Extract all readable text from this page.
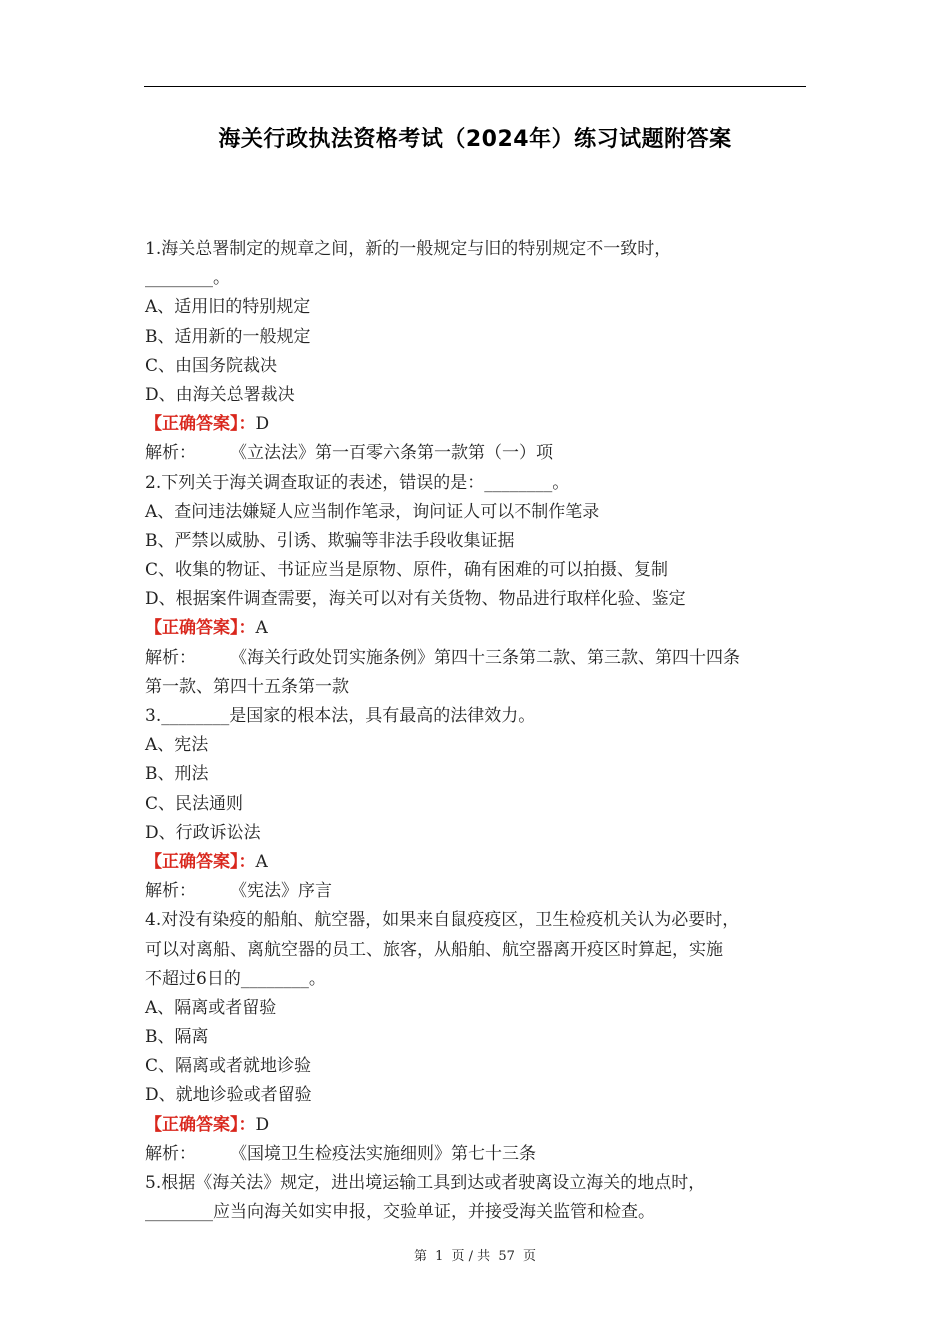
海关行政执法资格考试（2024年）练习试题附答案
1.海关总署制定的规章之间，新的一般规定与旧的特别规定不一致时，
________。
A、适用旧的特别规定
B、适用新的一般规定
C、由国务院裁决
D、由海关总署裁决
【正确答案】：D
解析： 《立法法》第一百零六条第一款第（一）项
2.下列关于海关调查取证的表述，错误的是：________。
A、查问违法嫌疑人应当制作笔录，询问证人可以不制作笔录
B、严禁以威胁、引诱、欺骗等非法手段收集证据
C、收集的物证、书证应当是原物、原件，确有困难的可以拍摄、复制
D、根据案件调查需要，海关可以对有关货物、物品进行取样化验、鉴定
【正确答案】：A
解析： 《海关行政处罚实施条例》第四十三条第二款、第三款、第四十四条
第一款、第四十五条第一款
3.________是国家的根本法，具有最高的法律效力。
A、宪法
B、刑法
C、民法通则
D、行政诉讼法
【正确答案】：A
解析： 《宪法》序言
4.对没有染疫的船舶、航空器，如果来自鼠疫疫区，卫生检疫机关认为必要时，
可以对离船、离航空器的员工、旅客，从船舶、航空器离开疫区时算起，实施
不超过6日的________。
A、隔离或者留验
B、隔离
C、隔离或者就地诊验
D、就地诊验或者留验
【正确答案】：D
解析： 《国境卫生检疫法实施细则》第七十三条
5.根据《海关法》规定，进出境运输工具到达或者驶离设立海关的地点时，
________应当向海关如实申报，交验单证，并接受海关监管和检查。
第 1 页 / 共 57 页
